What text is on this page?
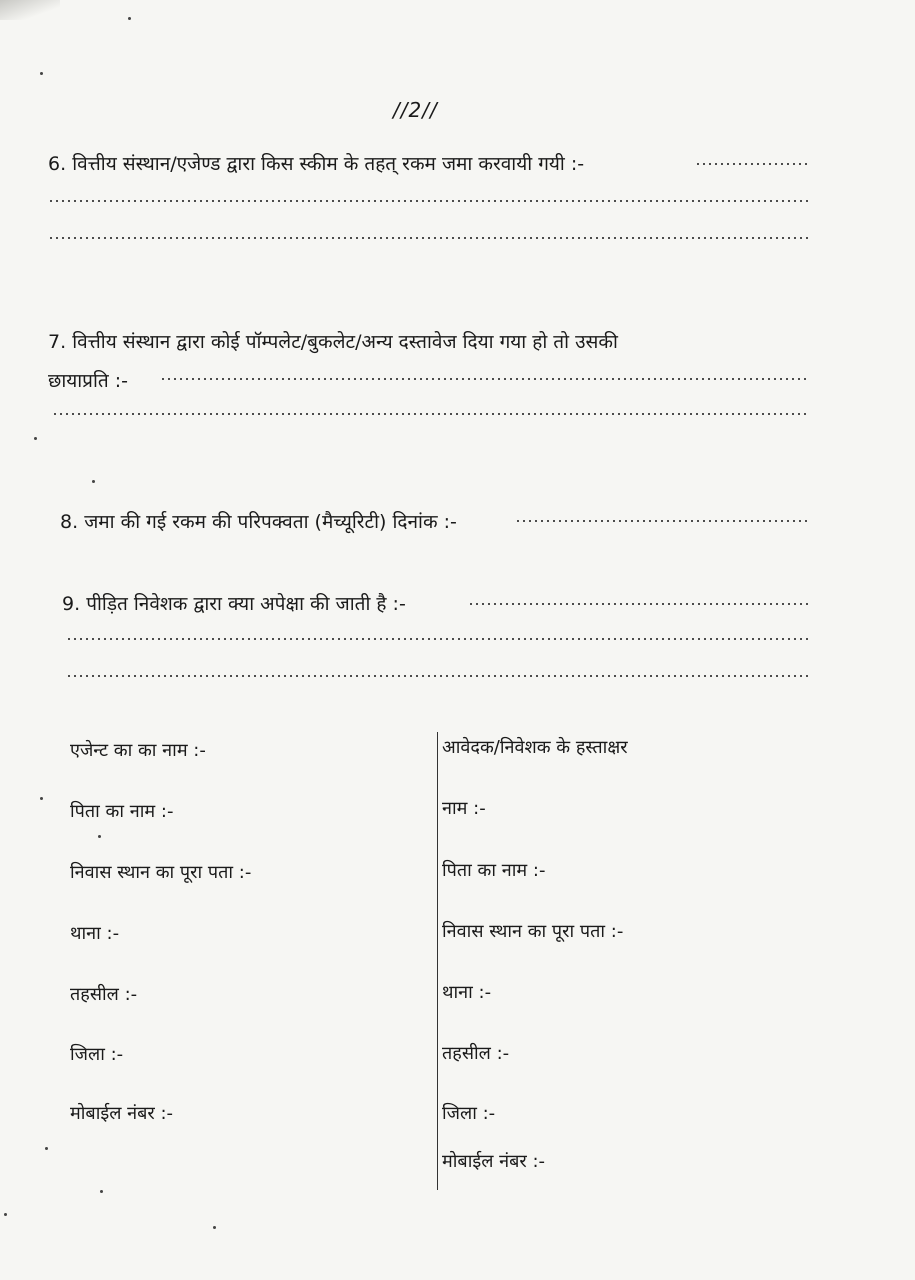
//2//
6. वित्तीय संस्थान/एजेण्ड द्वारा किस स्कीम के तहत् रकम जमा करवायी गयी :-
7. वित्तीय संस्थान द्वारा कोई पॉम्पलेट/बुकलेट/अन्य दस्तावेज दिया गया हो तो उसकी
छायाप्रति :-
8. जमा की गई रकम की परिपक्वता (मैच्यूरिटी) दिनांक :-
9. पीड़ित निवेशक द्वारा क्या अपेक्षा की जाती है :-
एजेन्ट का का नाम :-
पिता का नाम :-
निवास स्थान का पूरा पता :-
थाना :-
तहसील :-
जिला :-
मोबाईल नंबर :-
आवेदक/निवेशक के हस्ताक्षर
नाम :-
पिता का नाम :-
निवास स्थान का पूरा पता :-
थाना :-
तहसील :-
जिला :-
मोबाईल नंबर :-
